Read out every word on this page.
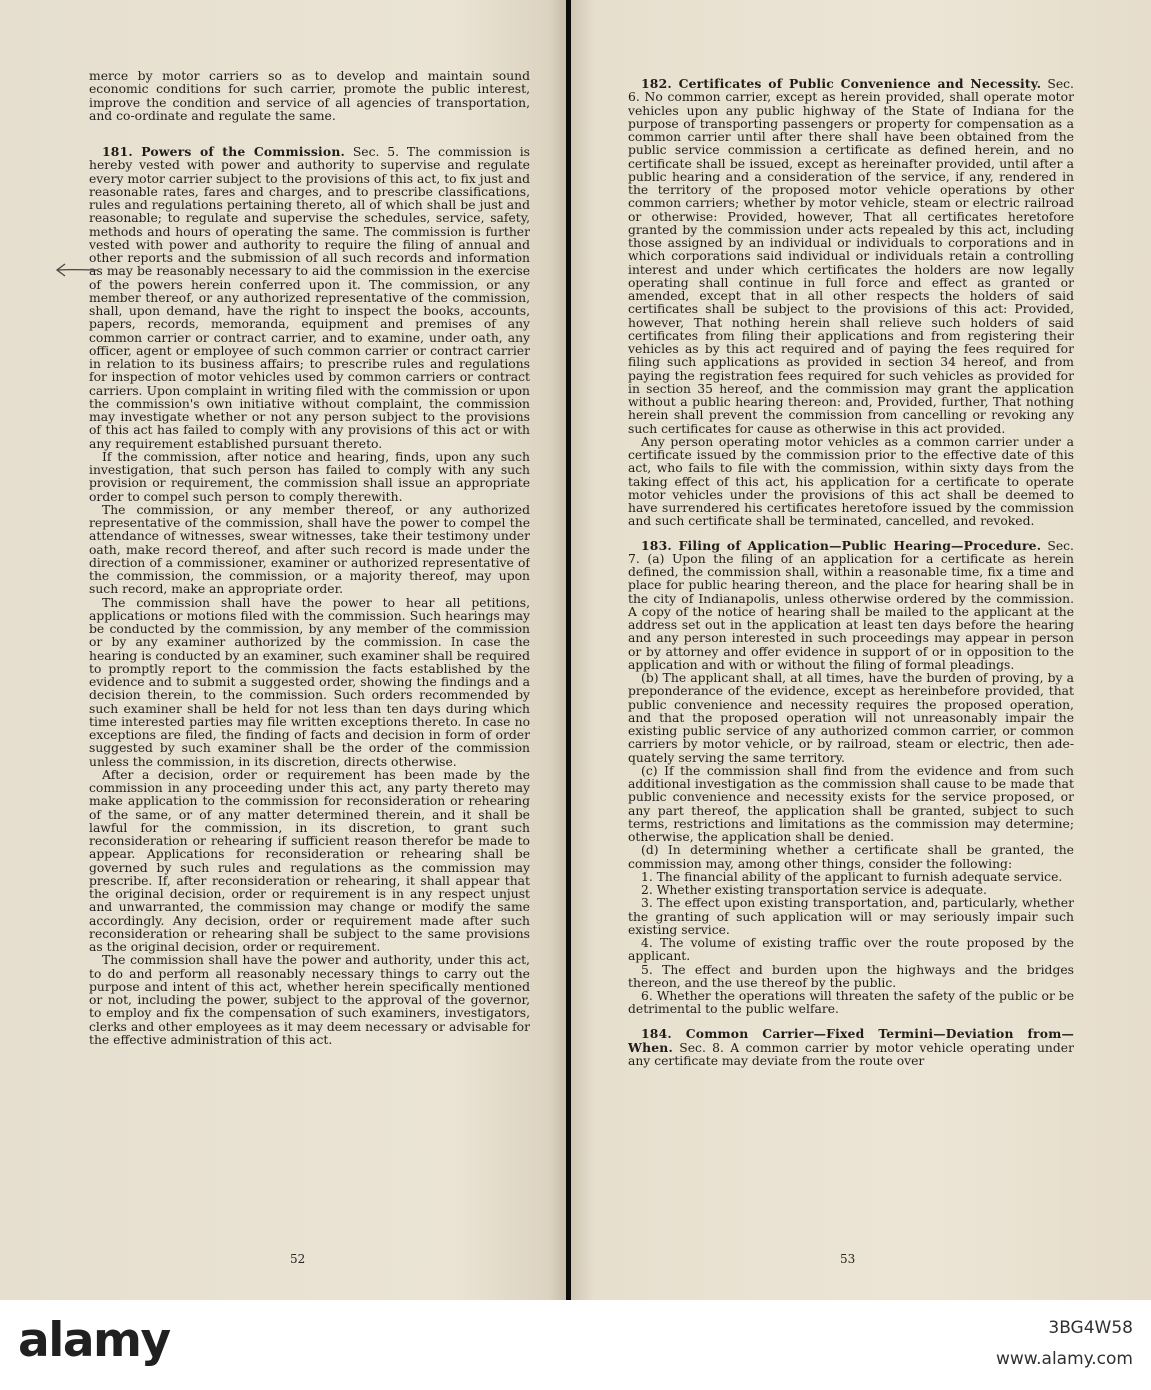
merce by motor carriers so as to develop and maintain sound economic conditions for such carrier, promote the public interest, improve the condition and service of all agencies of transportation, and co-ordinate and regulate the same.

181. Powers of the Commission. Sec. 5. The commission is hereby vested with power and authority to supervise and regulate every motor carrier subject to the provisions of this act, to fix just and reasonable rates, fares and charges, and to prescribe classifications, rules and regulations pertaining thereto, all of which shall be just and reasonable; to regulate and supervise the schedules, service, safety, methods and hours of operating the same. The commission is further vested with power and authority to require the filing of annual and other reports and the submission of all such records and information as may be reasonably necessary to aid the commission in the exercise of the powers herein conferred upon it. The commission, or any member thereof, or any authorized representative of the commission, shall, upon demand, have the right to inspect the books, accounts, papers, records, memoranda, equipment and premises of any common carrier or contract carrier, and to examine, under oath, any officer, agent or employee of such common carrier or contract carrier in relation to its business affairs; to prescribe rules and regulations for inspection of motor vehicles used by common carriers or contract carriers. Upon complaint in writing filed with the commission or upon the commission's own initiative without complaint, the commission may investigate whether or not any person subject to the provisions of this act has failed to comply with any provisions of this act or with any requirement established pursuant thereto.

If the commission, after notice and hearing, finds, upon any such investigation, that such person has failed to comply with any such provision or requirement, the commission shall issue an appropriate order to compel such person to comply therewith.

The commission, or any member thereof, or any authorized representative of the commission, shall have the power to compel the attendance of witnesses, swear witnesses, take their testimony under oath, make record thereof, and after such record is made under the direction of a commissioner, examiner or authorized representative of the commission, the commission, or a majority thereof, may upon such record, make an appropriate order.

The commission shall have the power to hear all petitions, applications or motions filed with the commission. Such hearings may be conducted by the commission, by any member of the commission or by any examiner authorized by the commission. In case the hearing is conducted by an examiner, such examiner shall be required to promptly report to the commission the facts established by the evidence and to submit a suggested order, showing the findings and a decision therein, to the commission. Such orders recommended by such examiner shall be held for not less than ten days during which time interested parties may file written exceptions thereto. In case no exceptions are filed, the finding of facts and decision in form of order suggested by such examiner shall be the order of the commission unless the commission, in its discretion, directs otherwise.

After a decision, order or requirement has been made by the commission in any proceeding under this act, any party thereto may make application to the commission for reconsideration or rehearing of the same, or of any matter determined therein, and it shall be lawful for the commission, in its discretion, to grant such reconsideration or rehearing if sufficient reason therefor be made to appear. Applications for reconsideration or rehearing shall be governed by such rules and regulations as the commission may prescribe. If, after reconsideration or rehearing, it shall appear that the original decision, order or requirement is in any respect unjust and unwarranted, the commission may change or modify the same accordingly. Any decision, order or requirement made after such reconsideration or rehearing shall be subject to the same provisions as the original decision, order or requirement.

The commission shall have the power and authority, under this act, to do and perform all reasonably necessary things to carry out the purpose and intent of this act, whether herein specifically mentioned or not, including the power, subject to the approval of the governor, to employ and fix the compensation of such examiners, investigators, clerks and other employees as it may deem necessary or advisable for the effective administration of this act.

52

182. Certificates of Public Convenience and Necessity. Sec. 6. No common carrier, except as herein provided, shall operate motor vehicles upon any public highway of the State of Indiana for the purpose of transporting passengers or property for compensation as a common carrier until after there shall have been obtained from the public service commission a certificate as defined herein, and no certificate shall be issued, except as hereinafter provided, until after a public hearing and a consideration of the service, if any, rendered in the territory of the proposed motor vehicle operations by other common carriers; whether by motor vehicle, steam or electric railroad or otherwise: Provided, however, That all certificates heretofore granted by the commission under acts repealed by this act, including those assigned by an individual or individuals to corporations and in which corporations said individual or individuals retain a controlling interest and under which certificates the holders are now legally operating shall continue in full force and effect as granted or amended, except that in all other respects the holders of said certificates shall be subject to the provisions of this act: Provided, however, That nothing herein shall relieve such holders of said certificates from filing their applications and from registering their vehicles as by this act required and of paying the fees required for filing such applications as provided in section 34 hereof, and from paying the registration fees required for such vehicles as provided for in section 35 hereof, and the commission may grant the application without a public hearing thereon: and, Provided, further, That nothing herein shall prevent the commission from cancelling or revoking any such certificates for cause as otherwise in this act provided.

Any person operating motor vehicles as a common carrier under a certificate issued by the commission prior to the effective date of this act, who fails to file with the commission, within sixty days from the taking effect of this act, his application for a certificate to operate motor vehicles under the provisions of this act shall be deemed to have surrendered his certificates heretofore issued by the commission and such certificate shall be terminated, cancelled, and revoked.

183. Filing of Application—Public Hearing—Procedure. Sec. 7. (a) Upon the filing of an application for a certificate as herein defined, the commission shall, within a reasonable time, fix a time and place for public hearing thereon, and the place for hearing shall be in the city of Indianapolis, unless otherwise ordered by the commission. A copy of the notice of hearing shall be mailed to the applicant at the address set out in the application at least ten days before the hearing and any person interested in such proceedings may appear in person or by attorney and offer evidence in support of or in opposition to the application and with or without the filing of formal pleadings.

(b) The applicant shall, at all times, have the burden of proving, by a preponderance of the evidence, except as hereinbefore provided, that public convenience and necessity requires the proposed operation, and that the proposed operation will not unreasonably impair the existing public service of any authorized common carrier, or common carriers by motor vehicle, or by railroad, steam or electric, then adequately serving the same territory.

(c) If the commission shall find from the evidence and from such additional investigation as the commission shall cause to be made that public convenience and necessity exists for the service proposed, or any part thereof, the application shall be granted, subject to such terms, restrictions and limitations as the commission may determine; otherwise, the application shall be denied.

(d) In determining whether a certificate shall be granted, the commission may, among other things, consider the following:

1. The financial ability of the applicant to furnish adequate service.

2. Whether existing transportation service is adequate.

3. The effect upon existing transportation, and, particularly, whether the granting of such application will or may seriously impair such existing service.

4. The volume of existing traffic over the route proposed by the applicant.

5. The effect and burden upon the highways and the bridges thereon, and the use thereof by the public.

6. Whether the operations will threaten the safety of the public or be detrimental to the public welfare.

184. Common Carrier—Fixed Termini—Deviation from— When. Sec. 8. A common carrier by motor vehicle operating under any certificate may deviate from the route over

53
alamy	3BG4W58
www.alamy.com
